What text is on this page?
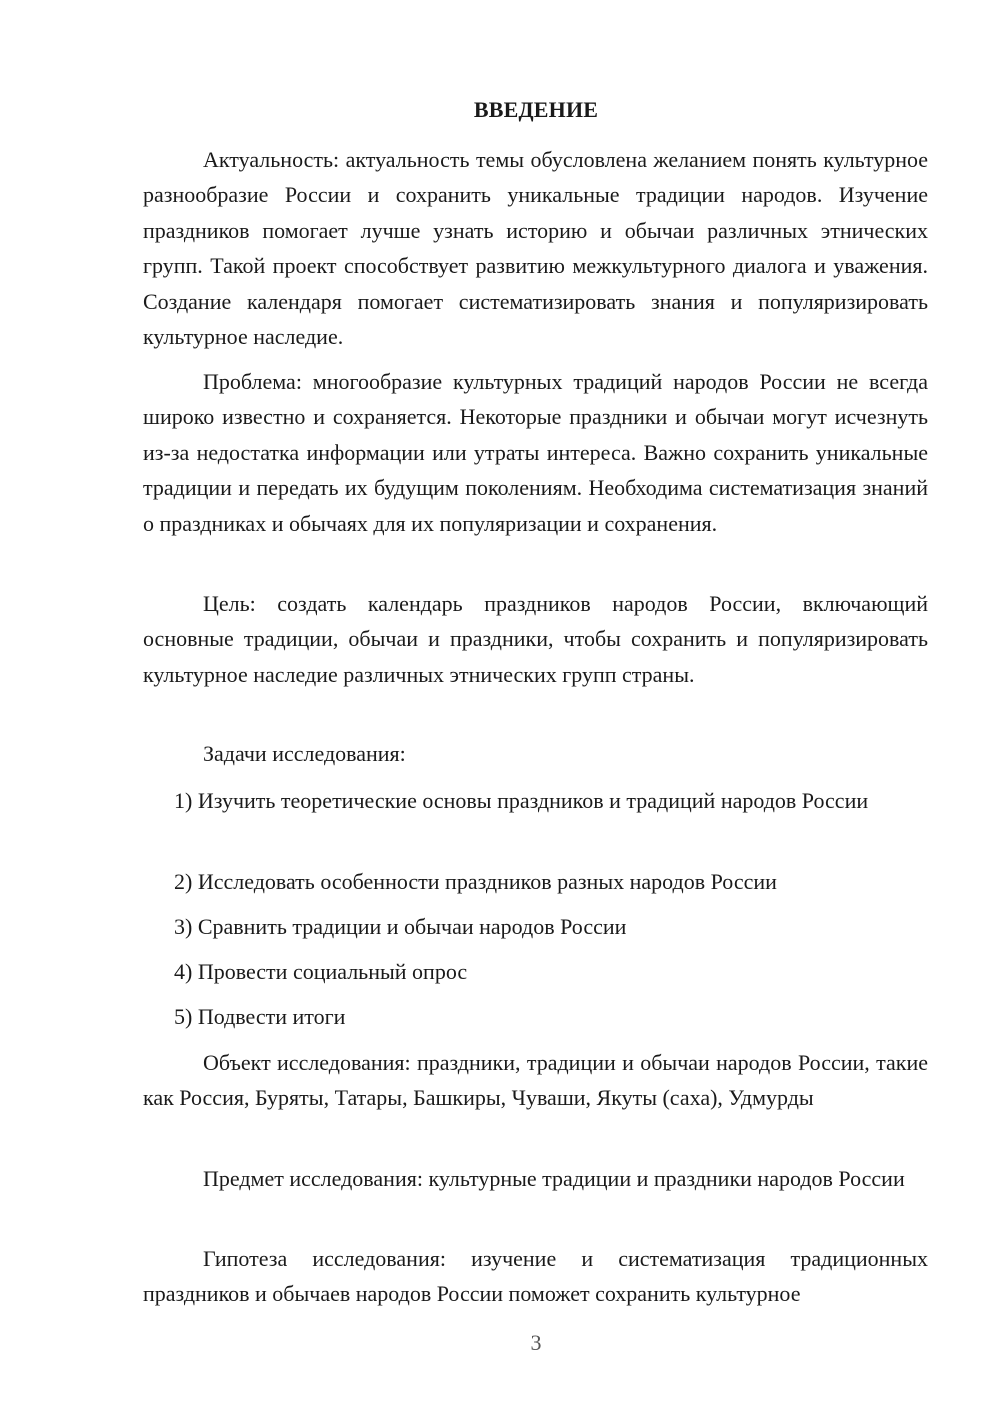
ВВЕДЕНИЕ

Актуальность: актуальность темы обусловлена желанием понять культурное разнообразие России и сохранить уникальные традиции народов. Изучение праздников помогает лучше узнать историю и обычаи различных этнических групп. Такой проект способствует развитию межкультурного диалога и уважения. Создание календаря помогает систематизировать знания и популяризировать культурное наследие.

Проблема: многообразие культурных традиций народов России не всегда широко известно и сохраняется. Некоторые праздники и обычаи могут исчезнуть из-за недостатка информации или утраты интереса. Важно сохранить уникальные традиции и передать их будущим поколениям. Необходима систематизация знаний о праздниках и обычаях для их популяризации и сохранения.

Цель: создать календарь праздников народов России, включающий основные традиции, обычаи и праздники, чтобы сохранить и популяризировать культурное наследие различных этнических групп страны.

Задачи исследования:

1) Изучить теоретические основы праздников и традиций народов России

2) Исследовать особенности праздников разных народов России

3) Сравнить традиции и обычаи народов России

4) Провести социальный опрос

5) Подвести итоги

Объект исследования: праздники, традиции и обычаи народов России, такие как Россия, Буряты, Татары, Башкиры, Чуваши, Якуты (саха), Удмурды

Предмет исследования: культурные традиции и праздники народов России

Гипотеза исследования: изучение и систематизация традиционных праздников и обычаев народов России поможет сохранить культурное

3
